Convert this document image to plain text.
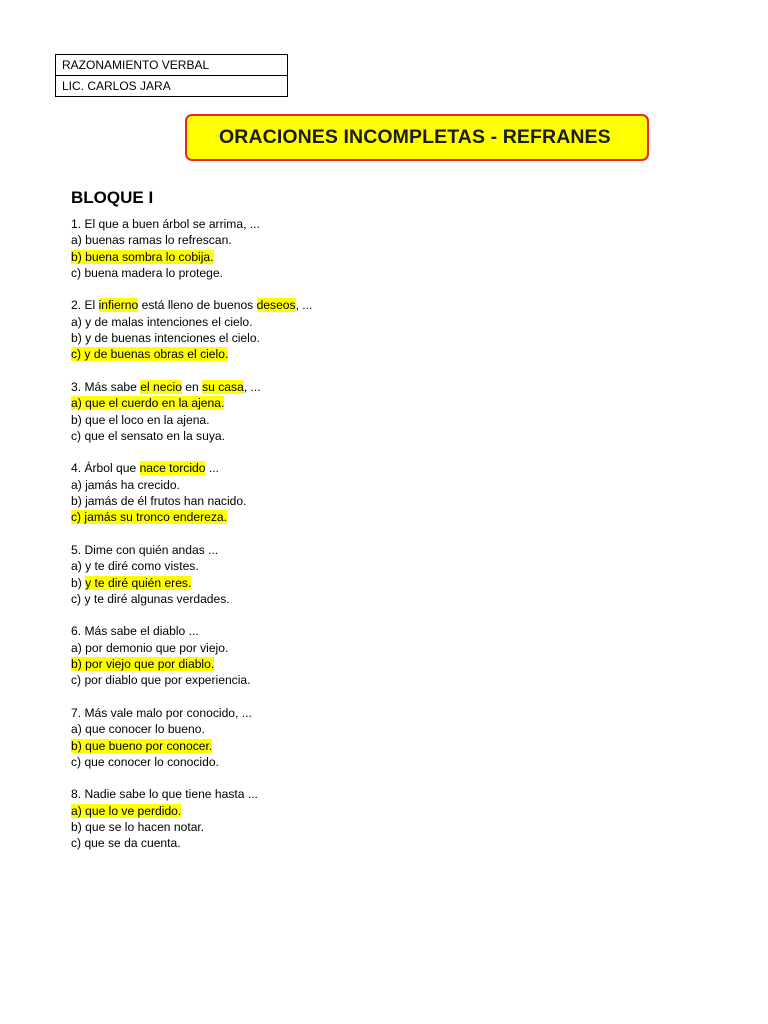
RAZONAMIENTO VERBAL
LIC. CARLOS JARA
ORACIONES INCOMPLETAS - REFRANES
BLOQUE I
1. El que a buen árbol se arrima, ...
a) buenas ramas lo refrescan.
b) buena sombra lo cobija.
c) buena madera lo protege.
2. El infierno está lleno de buenos deseos, ...
a) y de malas intenciones el cielo.
b) y de buenas intenciones el cielo.
c) y de buenas obras el cielo.
3. Más sabe el necio en su casa, ...
a) que el cuerdo en la ajena.
b) que el loco en la ajena.
c) que el sensato en la suya.
4. Árbol que nace torcido ...
a) jamás ha crecido.
b) jamás de él frutos han nacido.
c) jamás su tronco endereza.
5. Dime con quién andas ...
a) y te diré como vistes.
b) y te diré quién eres.
c) y te diré algunas verdades.
6. Más sabe el diablo ...
a) por demonio que por viejo.
b) por viejo que por diablo.
c) por diablo que por experiencia.
7. Más vale malo por conocido, ...
a) que conocer lo bueno.
b) que bueno por conocer.
c) que conocer lo conocido.
8. Nadie sabe lo que tiene hasta ...
a) que lo ve perdido.
b) que se lo hacen notar.
c) que se da cuenta.
